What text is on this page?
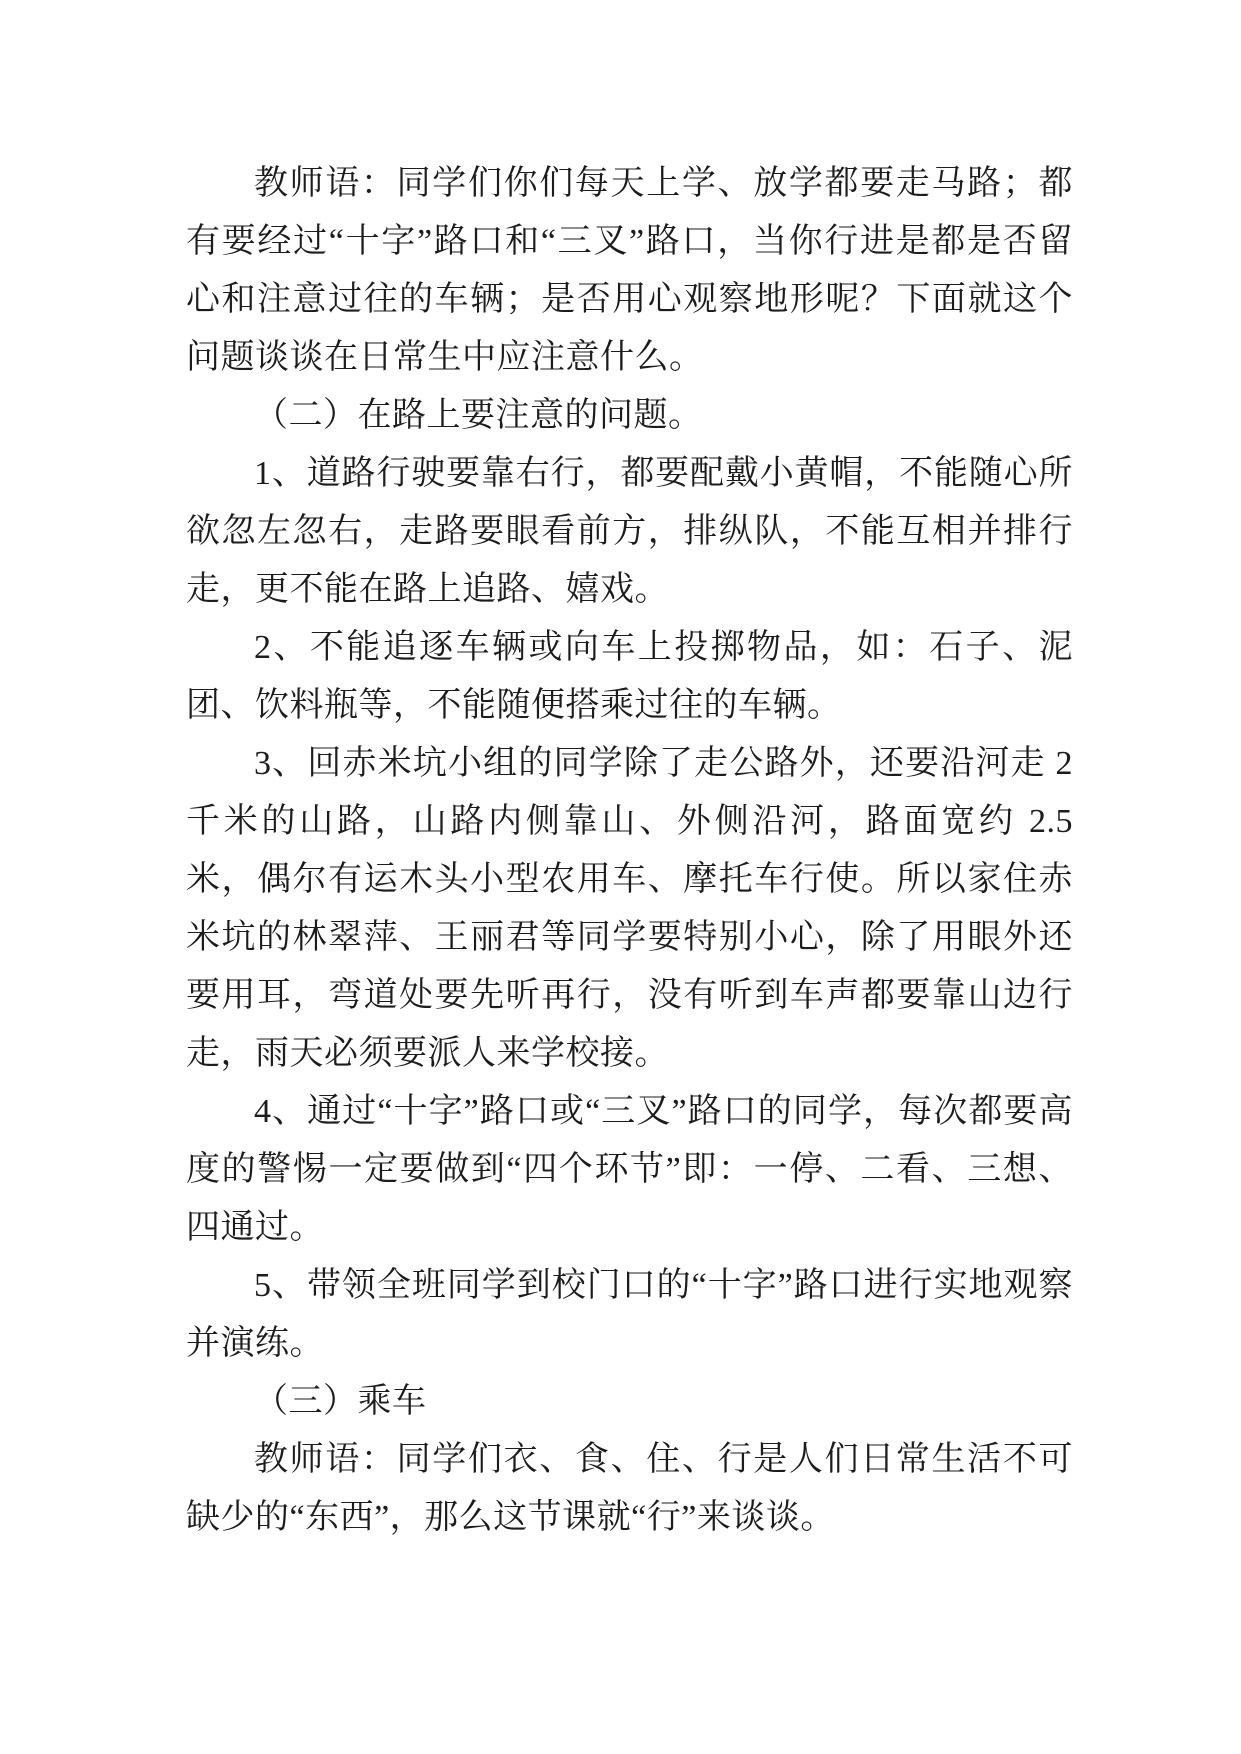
教师语：同学们你们每天上学、放学都要走马路；都有要经过“十字”路口和“三叉”路口，当你行进是都是否留心和注意过往的车辆；是否用心观察地形呢？下面就这个问题谈谈在日常生中应注意什么。

（二）在路上要注意的问题。

1、道路行驶要靠右行，都要配戴小黄帽，不能随心所欲忽左忽右，走路要眼看前方，排纵队，不能互相并排行走，更不能在路上追路、嬉戏。

2、不能追逐车辆或向车上投掷物品，如：石子、泥团、饮料瓶等，不能随便搭乘过往的车辆。

3、回赤米坑小组的同学除了走公路外，还要沿河走 2 千米的山路，山路内侧靠山、外侧沿河，路面宽约 2.5 米，偶尔有运木头小型农用车、摩托车行使。所以家住赤米坑的林翠萍、王丽君等同学要特别小心，除了用眼外还要用耳，弯道处要先听再行，没有听到车声都要靠山边行走，雨天必须要派人来学校接。

4、通过“十字”路口或“三叉”路口的同学，每次都要高度的警惕一定要做到“四个环节”即：一停、二看、三想、四通过。

5、带领全班同学到校门口的“十字”路口进行实地观察并演练。

（三）乘车

教师语：同学们衣、食、住、行是人们日常生活不可缺少的“东西”，那么这节课就“行”来谈谈。
